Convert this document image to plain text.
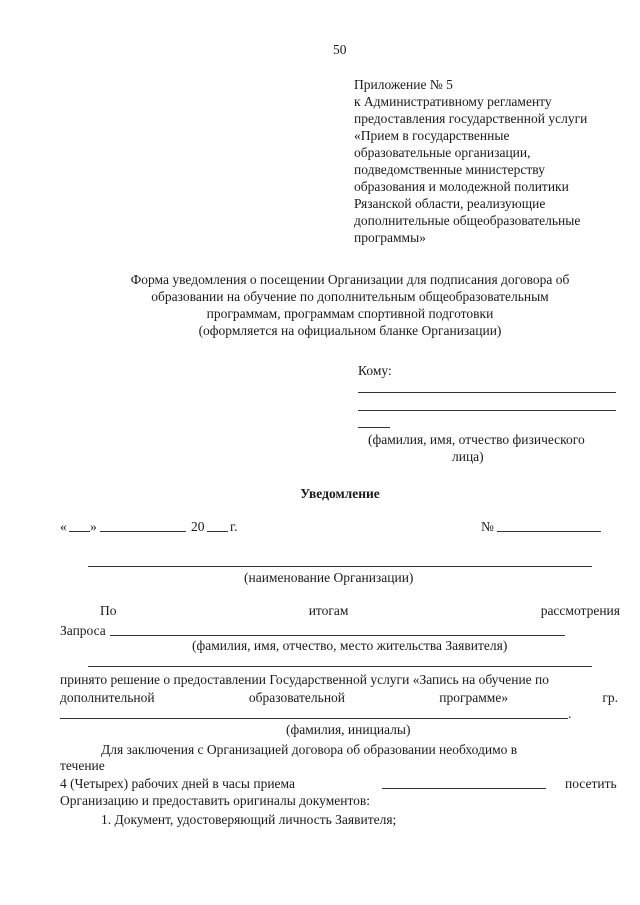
50
Приложение № 5
к Административному регламенту
предоставления государственной услуги
«Прием в государственные
образовательные организации,
подведомственные министерству
образования и молодежной политики
Рязанской области, реализующие
дополнительные общеобразовательные
программы»
Форма уведомления о посещении Организации для подписания договора об
образовании на обучение по дополнительным общеобразовательным
программам, программам спортивной подготовки
(оформляется на официальном бланке Организации)
Кому:
(фамилия, имя, отчество физического
лица)
Уведомление
« »	20 г.	№
(наименование Организации)
По	итогам	рассмотрения
Запроса
(фамилия, имя, отчество, место жительства Заявителя)
принято решение о предоставлении Государственной услуги «Запись на обучение по
дополнительной	образовательной	программе»	гр.
.
(фамилия, инициалы)
Для заключения с Организацией договора об образовании необходимо в
течение
4 (Четырех) рабочих дней в часы приема	посетить
Организацию и предоставить оригиналы документов:
1. Документ, удостоверяющий личность Заявителя;
